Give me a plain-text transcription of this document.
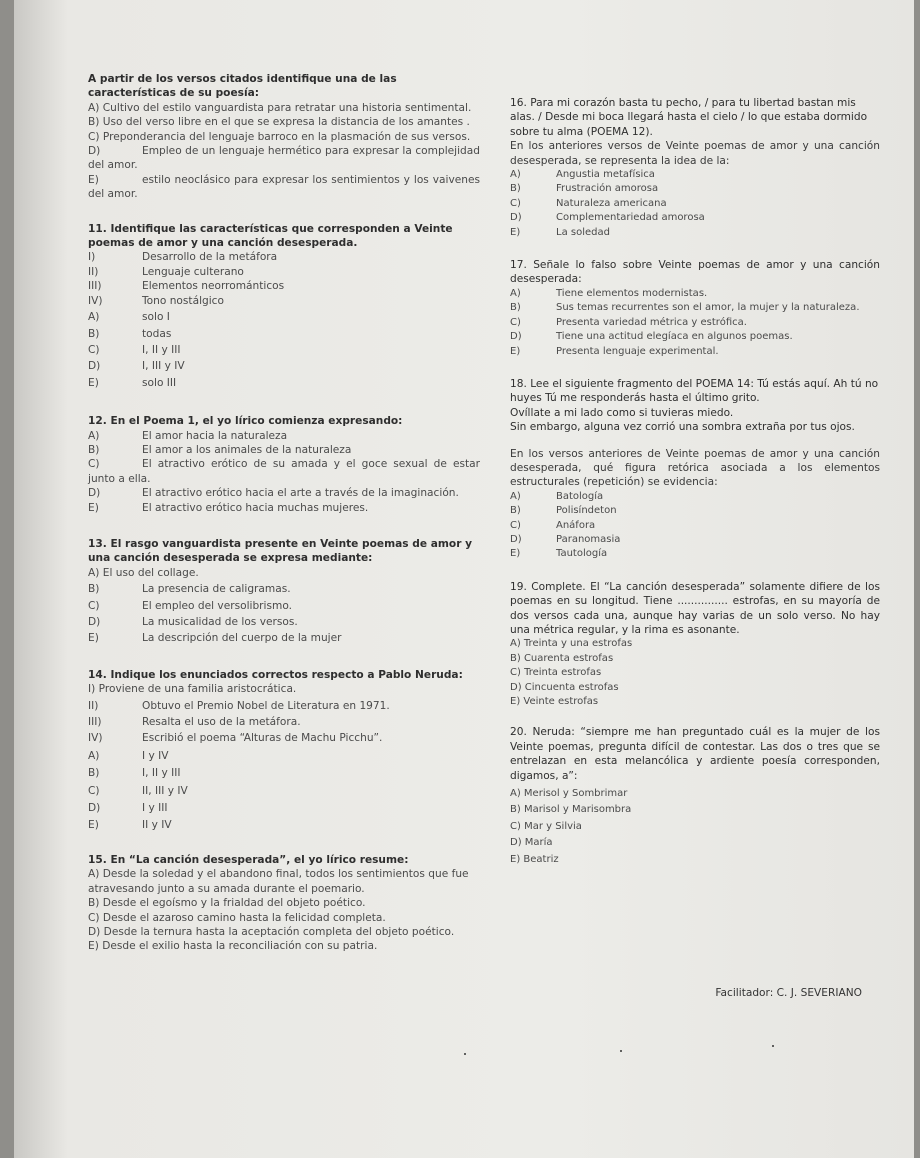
A partir de los versos citados identifique una de las características de su poesía:
A) Cultivo del estilo vanguardista para retratar una historia sentimental.
B) Uso del verso libre en el que se expresa la distancia de los amantes .
C) Preponderancia del lenguaje barroco en la plasmación de sus versos.
D)	Empleo de un lenguaje hermético para expresar la complejidad del amor.
E)	estilo neoclásico para expresar los sentimientos y los vaivenes del amor.
11. Identifique las características que corresponden a Veinte poemas de amor y una canción desesperada.
I)	Desarrollo de la metáfora
II)	Lenguaje culterano
III)	Elementos neorrománticos
IV)	Tono nostálgico
A)	solo I
B)	todas
C)	I, II y III
D)	I, III y IV
E)	solo III
12. En el Poema 1, el yo lírico comienza expresando:
A)	El amor hacia la naturaleza
B)	El amor a los animales de la naturaleza
C)	El atractivo erótico de su amada y el goce sexual de estar junto a ella.
D)	El atractivo erótico hacia el arte a través de la imaginación.
E)	El atractivo erótico hacia muchas mujeres.
13. El rasgo vanguardista presente en Veinte poemas de amor y una canción desesperada se expresa mediante:
A) El uso del collage.
B)	La presencia de caligramas.
C)	El empleo del versolibrismo.
D)	La musicalidad de los versos.
E)	La descripción del cuerpo de la mujer
14. Indique los enunciados correctos respecto a Pablo Neruda:
I) Proviene de una familia aristocrática.
II)	Obtuvo el Premio Nobel de Literatura en 1971.
III)	Resalta el uso de la metáfora.
IV)	Escribió el poema “Alturas de Machu Picchu”.
A)	I y IV
B)	I, II y III
C)	II, III y IV
D)	I y III
E)	II y IV
15. En “La canción desesperada”, el yo lírico resume:
A) Desde la soledad y el abandono final, todos los sentimientos que fue atravesando junto a su amada durante el poemario.
B) Desde el egoísmo y la frialdad del objeto poético.
C) Desde el azaroso camino hasta la felicidad completa.
D) Desde la ternura hasta la aceptación completa del objeto poético.
E) Desde el exilio hasta la reconciliación con su patria.
16. Para mi corazón basta tu pecho, / para tu libertad bastan mis alas. / Desde mi boca llegará hasta el cielo / lo que estaba dormido sobre tu alma (POEMA 12).
En los anteriores versos de Veinte poemas de amor y una canción desesperada, se representa la idea de la:
A)	Angustia metafísica
B)	Frustración amorosa
C)	Naturaleza americana
D)	Complementariedad amorosa
E)	La soledad
17. Señale lo falso sobre Veinte poemas de amor y una canción desesperada:
A)	Tiene elementos modernistas.
B)	Sus temas recurrentes son el amor, la mujer y la naturaleza.
C)	Presenta variedad métrica y estrófica.
D)	Tiene una actitud elegíaca en algunos poemas.
E)	Presenta lenguaje experimental.
18. Lee el siguiente fragmento del POEMA 14: Tú estás aquí. Ah tú no huyes Tú me responderás hasta el último grito.
Ovíllate a mi lado como si tuvieras miedo.
Sin embargo, alguna vez corrió una sombra extraña por tus ojos.
En los versos anteriores de Veinte poemas de amor y una canción desesperada, qué figura retórica asociada a los elementos estructurales (repetición) se evidencia:
A)	Batología
B)	Polisíndeton
C)	Anáfora
D)	Paranomasia
E)	Tautología
19. Complete. El “La canción desesperada” solamente difiere de los poemas en su longitud. Tiene ............... estrofas, en su mayoría de dos versos cada una, aunque hay varias de un solo verso. No hay una métrica regular, y la rima es asonante.
A) Treinta y una estrofas
B) Cuarenta estrofas
C) Treinta estrofas
D) Cincuenta estrofas
E) Veinte estrofas
20. Neruda: “siempre me han preguntado cuál es la mujer de los Veinte poemas, pregunta difícil de contestar. Las dos o tres que se entrelazan en esta melancólica y ardiente poesía corresponden, digamos, a”:
A) Merisol y Sombrimar
B) Marisol y Marisombra
C) Mar y Silvia
D) María
E) Beatriz
Facilitador: C. J. SEVERIANO
